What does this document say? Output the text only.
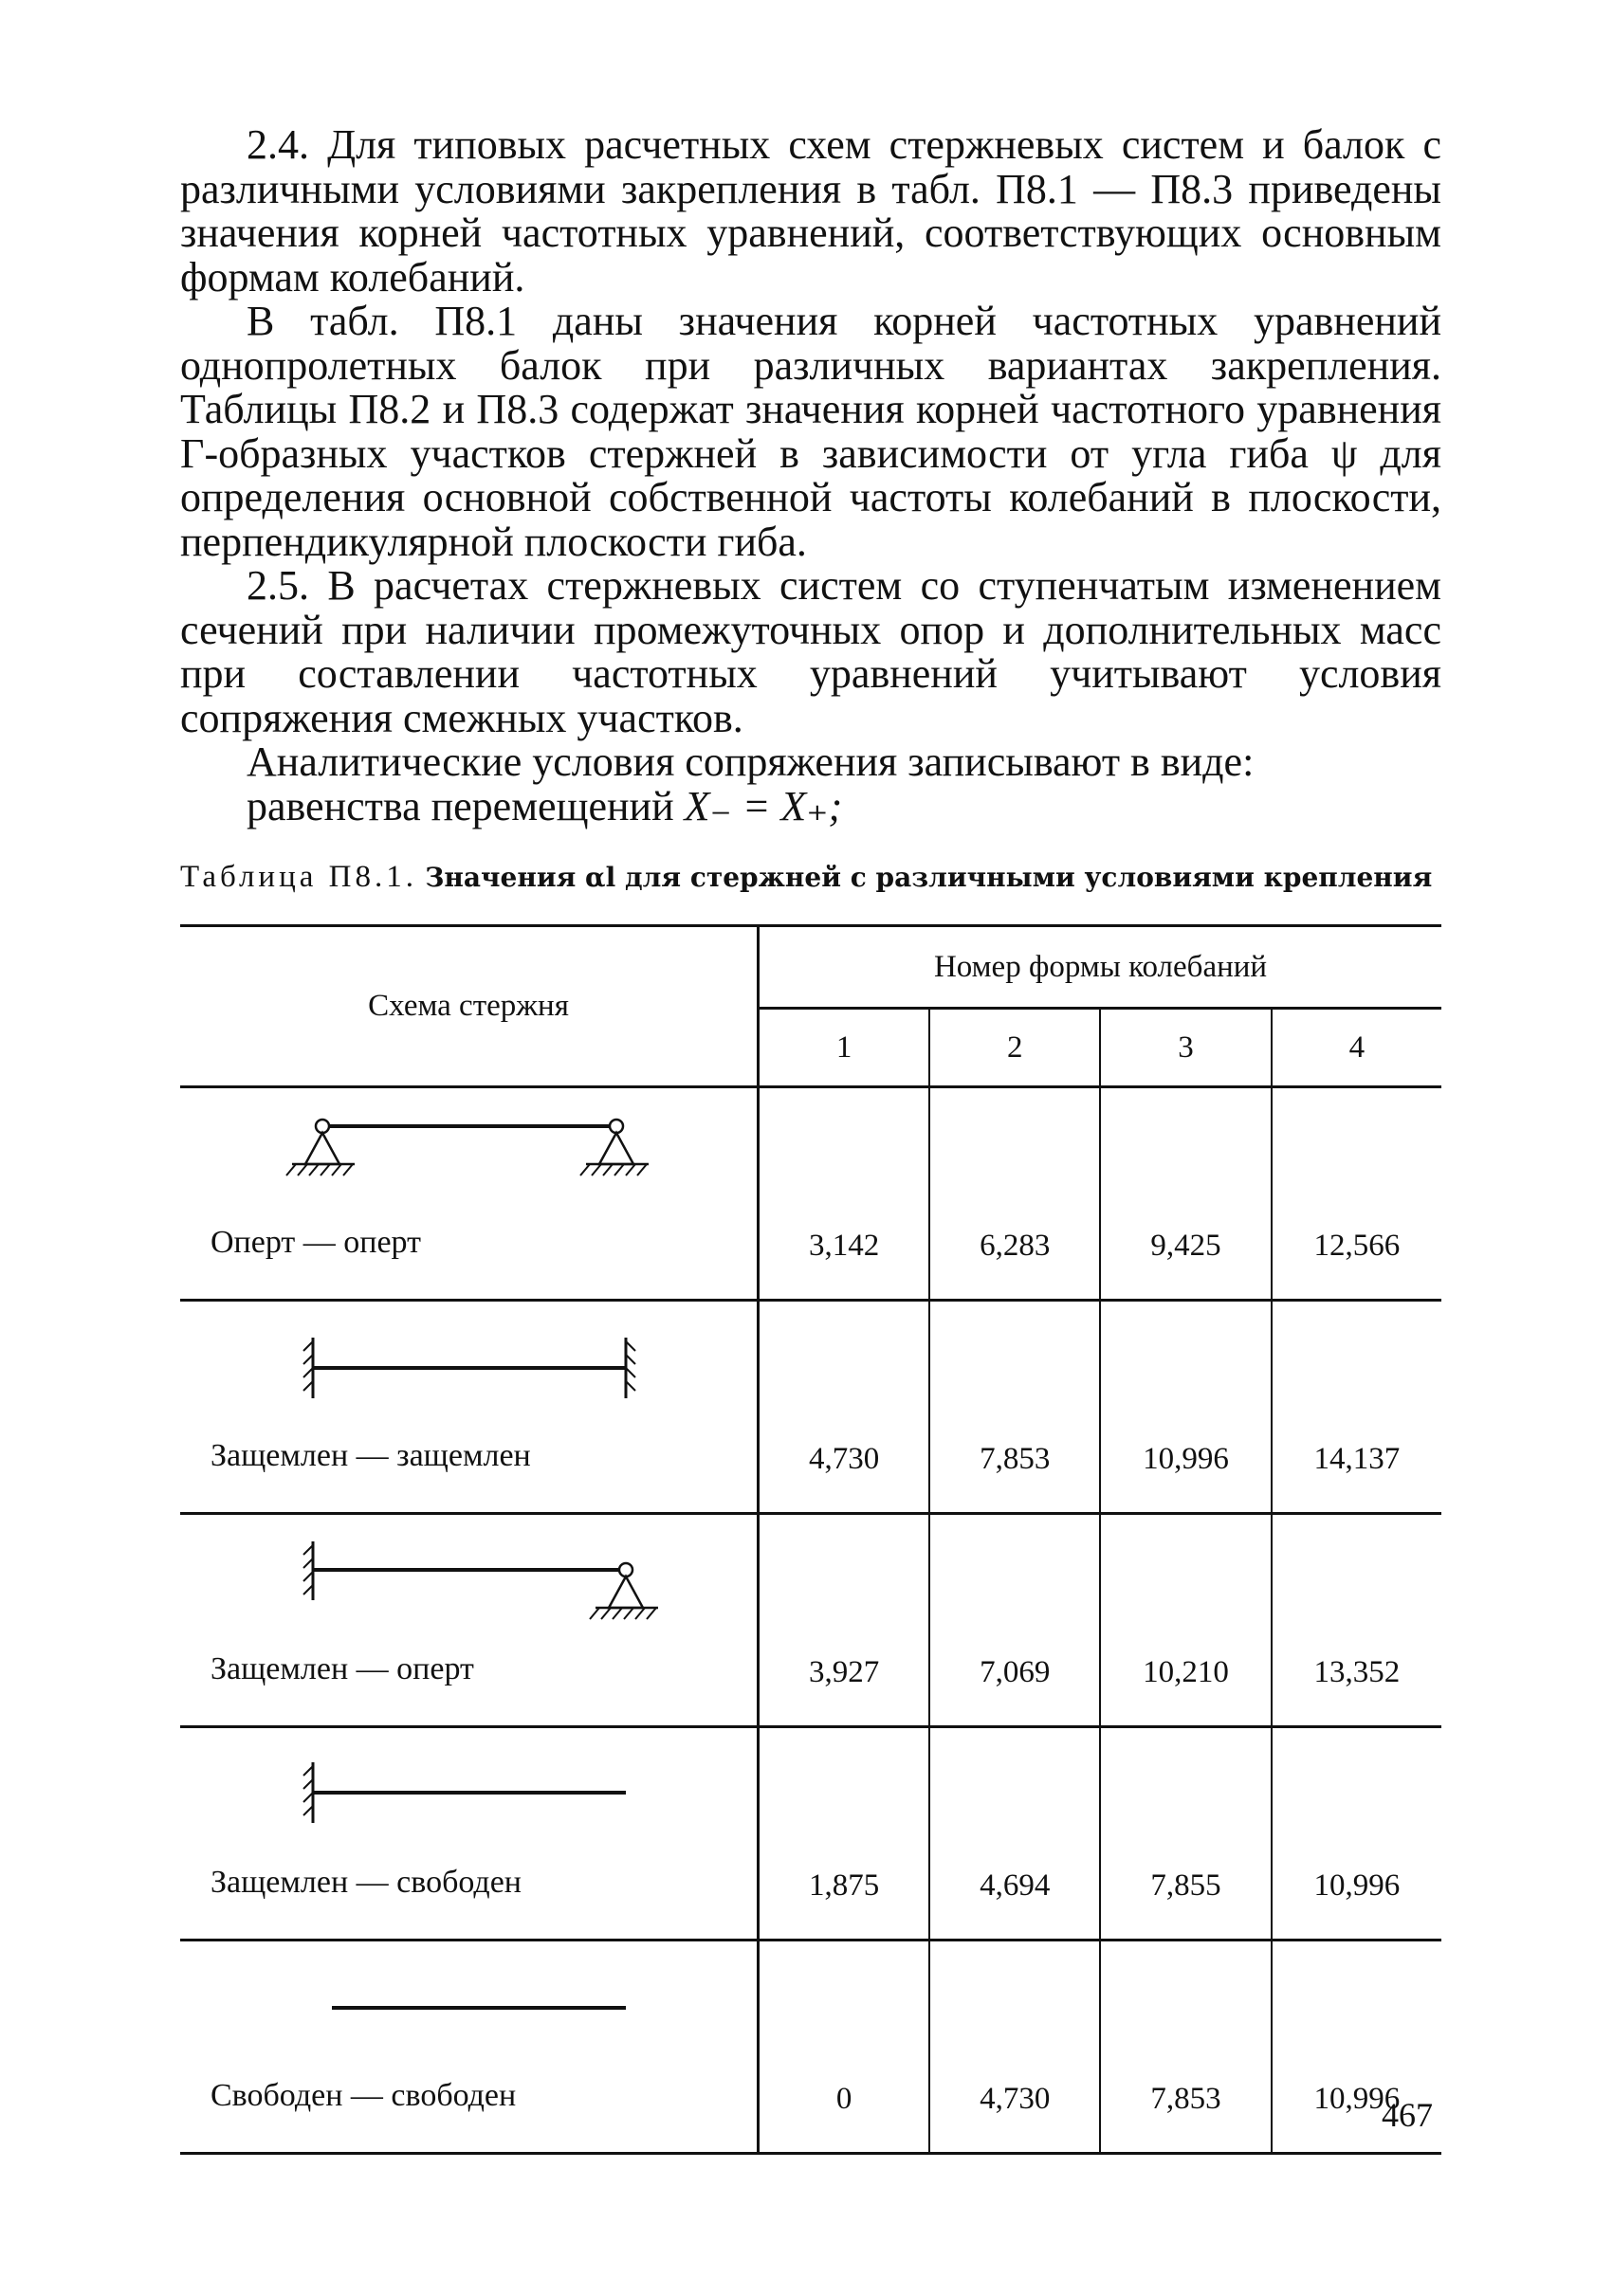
2.4. Для типовых расчетных схем стержневых систем и балок с различными условиями закрепления в табл. П8.1 — П8.3 приведены значения корней частотных уравнений, соответствующих основным формам колебаний.

В табл. П8.1 даны значения корней частотных уравнений однопролетных балок при различных вариантах закрепления. Таблицы П8.2 и П8.3 содержат значения корней частотного уравнения Г-образных участков стержней в зависимости от угла гиба ψ для определения основной собственной частоты колебаний в плоскости, перпендикулярной плоскости гиба.

2.5. В расчетах стержневых систем со ступенчатым изменением сечений при наличии промежуточных опор и дополнительных масс при составлении частотных уравнений учитывают условия сопряжения смежных участков.

Аналитические условия сопряжения записывают в виде:

равенства перемещений X₋ = X₊;

Таблица П8.1. Значения αl для стержней с различными условиями крепления
Схема стержня	Номер формы колебаний			
	1	2	3	4

Оперт — оперт	3,142	6,283	9,425	12,566

Защемлен — защемлен	4,730	7,853	10,996	14,137

Защемлен — оперт	3,927	7,069	10,210	13,352

Защемлен — свободен	1,875	4,694	7,855	10,996

Свободен — свободен	0	4,730	7,853	10,996
467
